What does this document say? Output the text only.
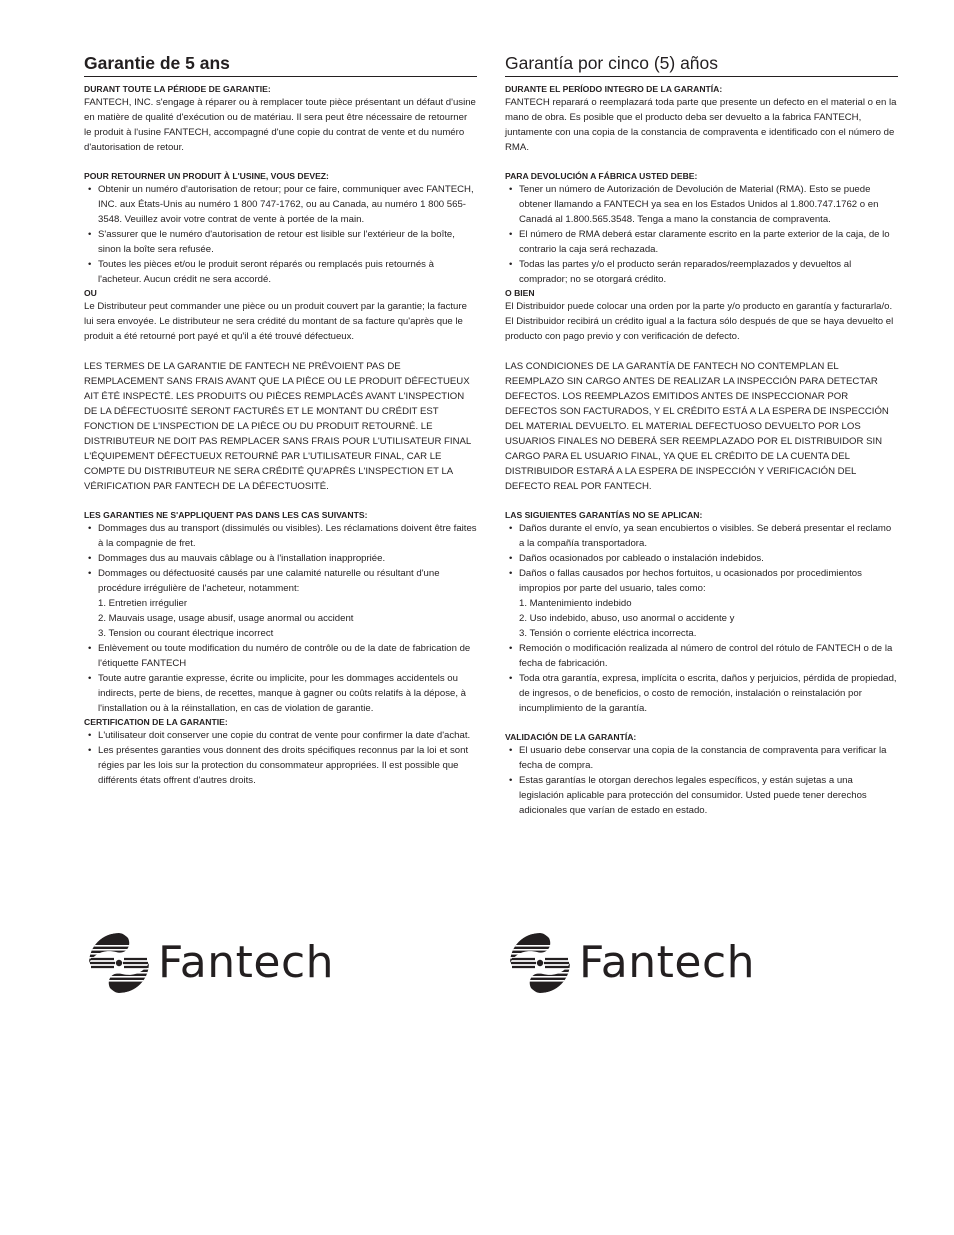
Garantie de 5 ans

DURANT TOUTE LA PÉRIODE DE GARANTIE:

FANTECH, INC. s'engage à réparer ou à remplacer toute pièce présentant un défaut d'usine en matière de qualité d'exécution ou de matériau. Il sera peut être nécessaire de retourner le produit à l'usine FANTECH, accompagné d'une copie du contrat de vente et du numéro d'autorisation de retour.

POUR RETOURNER UN PRODUIT À L'USINE, VOUS DEVEZ:

• Obtenir un numéro d'autorisation de retour; pour ce faire, communiquer avec FANTECH, INC. aux États-Unis au numéro 1 800 747-1762, ou au Canada, au numéro 1 800 565-3548. Veuillez avoir votre contrat de vente à portée de la main.
• S'assurer que le numéro d'autorisation de retour est lisible sur l'extérieur de la boîte, sinon la boîte sera refusée.
• Toutes les pièces et/ou le produit seront réparés ou remplacés puis retournés à l'acheteur. Aucun crédit ne sera accordé.

OU

Le Distributeur peut commander une pièce ou un produit couvert par la garantie; la facture lui sera envoyée. Le distributeur ne sera crédité du montant de sa facture qu'après que le produit a été retourné port payé et qu'il a été trouvé défectueux.

LES TERMES DE LA GARANTIE DE FANTECH NE PRÉVOIENT PAS DE REMPLACEMENT SANS FRAIS AVANT QUE LA PIÈCE OU LE PRODUIT DÉFECTUEUX AIT ÉTÉ INSPECTÉ. LES PRODUITS OU PIÈCES REMPLACÉS AVANT L'INSPECTION DE LA DÉFECTUOSITÉ SERONT FACTURÉS ET LE MONTANT DU CRÉDIT EST FONCTION DE L'INSPECTION DE LA PIÈCE OU DU PRODUIT RETOURNÉ. LE DISTRIBUTEUR NE DOIT PAS REMPLACER SANS FRAIS POUR L'UTILISATEUR FINAL L'ÉQUIPEMENT DÉFECTUEUX RETOURNÉ PAR L'UTILISATEUR FINAL, CAR LE COMPTE DU DISTRIBUTEUR NE SERA CRÉDITÉ QU'APRÈS L'INSPECTION ET LA VÉRIFICATION PAR FANTECH DE LA DÉFECTUOSITÉ.

LES GARANTIES NE S'APPLIQUENT PAS DANS LES CAS SUIVANTS:

• Dommages dus au transport (dissimulés ou visibles). Les réclamations doivent être faites à la compagnie de fret.
• Dommages dus au mauvais câblage ou à l'installation inappropriée.
• Dommages ou défectuosité causés par une calamité naturelle ou résultant d'une procédure irrégulière de l'acheteur, notamment:
1. Entretien irrégulier
2. Mauvais usage, usage abusif, usage anormal ou accident
3. Tension ou courant électrique incorrect
• Enlèvement ou toute modification du numéro de contrôle ou de la date de fabrication de l'étiquette FANTECH
• Toute autre garantie expresse, écrite ou implicite, pour les dommages accidentels ou indirects, perte de biens, de recettes, manque à gagner ou coûts relatifs à la dépose, à l'installation ou à la réinstallation, en cas de violation de garantie.

CERTIFICATION DE LA GARANTIE:

• L'utilisateur doit conserver une copie du contrat de vente pour confirmer la date d'achat.
• Les présentes garanties vous donnent des droits spécifiques reconnus par la loi et sont régies par les lois sur la protection du consommateur appropriées. Il est possible que différents états offrent d'autres droits.
Garantía por cinco (5) años

DURANTE EL PERÍODO INTEGRO DE LA GARANTÍA:

FANTECH reparará o reemplazará toda parte que presente un defecto en el material o en la mano de obra. Es posible que el producto deba ser devuelto a la fabrica FANTECH, juntamente con una copia de la constancia de compraventa e identificado con el número de RMA.

PARA DEVOLUCIÓN A FÁBRICA USTED DEBE:

• Tener un número de Autorización de Devolución de Material (RMA). Esto se puede obtener llamando a FANTECH ya sea en los Estados Unidos al 1.800.747.1762 o en Canadá al 1.800.565.3548. Tenga a mano la constancia de compraventa.
• El número de RMA deberá estar claramente escrito en la parte exterior de la caja, de lo contrario la caja será rechazada.
• Todas las partes y/o el producto serán reparados/reemplazados y devueltos al comprador; no se otorgará crédito.

O BIEN

El Distribuidor puede colocar una orden por la parte y/o producto en garantía y facturarla/o. El Distribuidor recibirá un crédito igual a la factura sólo después de que se haya devuelto el producto con pago previo y con verificación de defecto.

LAS CONDICIONES DE LA GARANTÍA DE FANTECH NO CONTEMPLAN EL REEMPLAZO SIN CARGO ANTES DE REALIZAR LA INSPECCIÓN PARA DETECTAR DEFECTOS. LOS REEMPLAZOS EMITIDOS ANTES DE INSPECCIONAR POR DEFECTOS SON FACTURADOS, Y EL CRÉDITO ESTÁ A LA ESPERA DE INSPECCIÓN DEL MATERIAL DEVUELTO. EL MATERIAL DEFECTUOSO DEVUELTO POR LOS USUARIOS FINALES NO DEBERÁ SER REEMPLAZADO POR EL DISTRIBUIDOR SIN CARGO PARA EL USUARIO FINAL, YA QUE EL CRÉDITO DE LA CUENTA DEL DISTRIBUIDOR ESTARÁ A LA ESPERA DE INSPECCIÓN Y VERIFICACIÓN DEL DEFECTO REAL POR FANTECH.

LAS SIGUIENTES GARANTÍAS NO SE APLICAN:

• Daños durante el envío, ya sean encubiertos o visibles. Se deberá presentar el reclamo a la compañía transportadora.
• Daños ocasionados por cableado o instalación indebidos.
• Daños o fallas causados por hechos fortuitos, u ocasionados por procedimientos impropios por parte del usuario, tales como:
1. Mantenimiento indebido
2. Uso indebido, abuso, uso anormal o accidente y
3. Tensión o corriente eléctrica incorrecta.
• Remoción o modificación realizada al número de control del rótulo de FANTECH o de la fecha de fabricación.
• Toda otra garantía, expresa, implícita o escrita, daños y perjuicios, pérdida de propiedad, de ingresos, o de beneficios, o costo de remoción, instalación o reinstalación por incumplimiento de la garantía.

VALIDACIÓN DE LA GARANTÍA:

• El usuario debe conservar una copia de la constancia de compraventa para verificar la fecha de compra.
• Estas garantías le otorgan derechos legales específicos, y están sujetas a una legislación aplicable para protección del consumidor. Usted puede tener derechos adicionales que varían de estado en estado.
Fantech	Fantech
